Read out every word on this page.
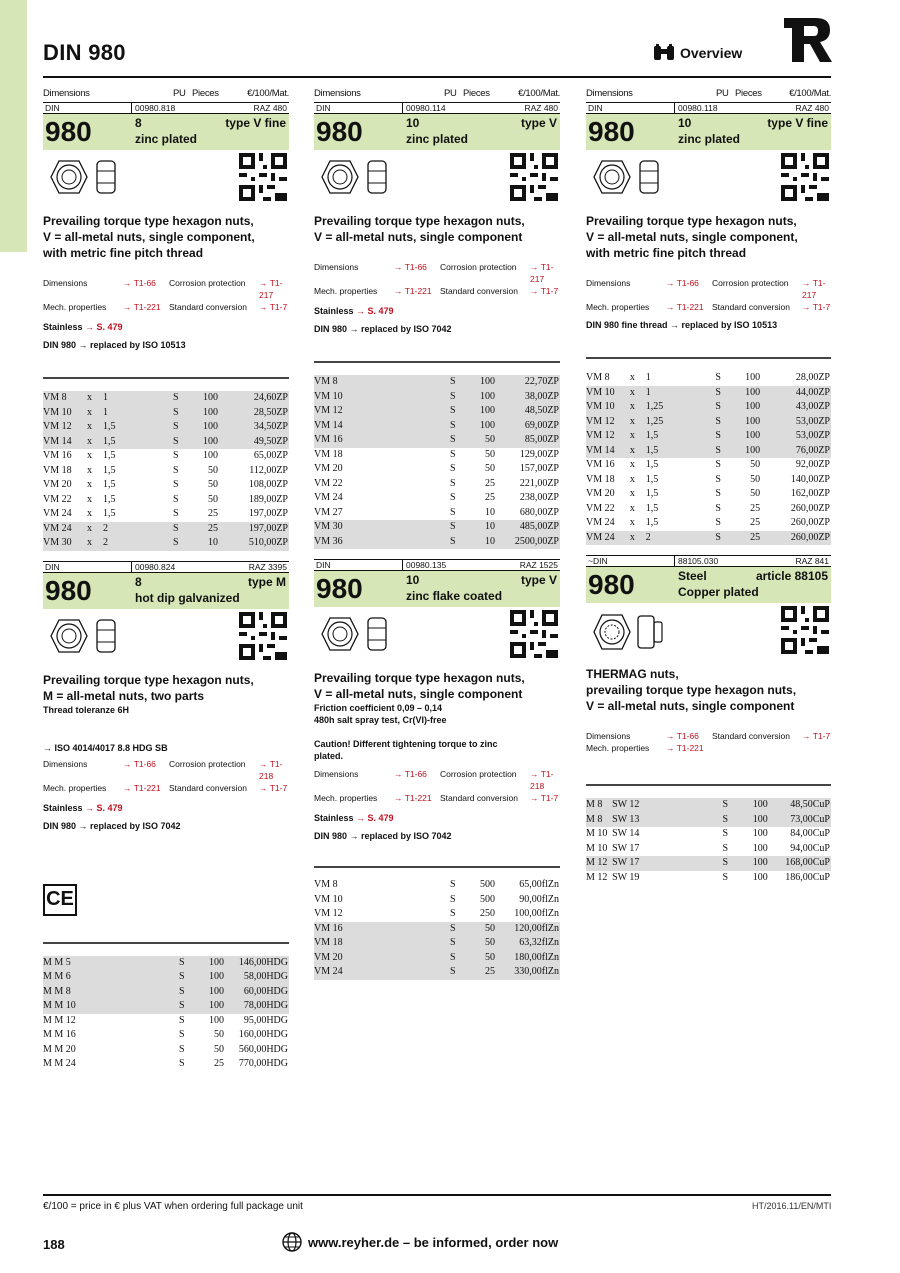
DIN 980	Overview
Dimensions	PU Pieces	€/100/Mat.
DIN	00980.818	RAZ 480
980	8
zinc plated
type V fine
Prevailing torque type hexagon nuts,
V = all-metal nuts, single component,
with metric fine pitch thread
Dimensions	→ T1-66	Corrosion protection	→ T1-217
Mech. properties	→ T1-221 Standard conversion	→ T1-7
Stainless → S. 479
DIN 980 → replaced by ISO 10513
VM 8	x	1	S	100	24,60ZP
VM 10	x	1	S	100	28,50ZP
VM 12	x	1,5	S	100	34,50ZP
VM 14	x	1,5	S	100	49,50ZP
VM 16	x	1,5	S	100	65,00ZP
VM 18	x	1,5	S	50	112,00ZP
VM 20	x	1,5	S	50	108,00ZP
VM 22	x	1,5	S	50	189,00ZP
VM 24	x	1,5	S	25	197,00ZP
VM 24	x	2	S	25	197,00ZP
VM 30	x	2	S	10	510,00ZP
DIN	00980.824	RAZ 3395
980	8
hot dip galvanized
type M
Prevailing torque type hexagon nuts,
M = all-metal nuts, two parts
Thread toleranze 6H
→ ISO 4014/4017 8.8 HDG SB
Dimensions	→ T1-66	Corrosion protection	→ T1-218
Mech. properties	→ T1-221 Standard conversion	→ T1-7
Stainless → S. 479
DIN 980 → replaced by ISO 7042
CE
M M 5			S	100	146,00HDG
M M 6			S	100	58,00HDG
M M 8			S	100	60,00HDG
M M 10			S	100	78,00HDG
M M 12			S	100	95,00HDG
M M 16			S	50	160,00HDG
M M 20			S	50	560,00HDG
M M 24			S	25	770,00HDG
Dimensions	PU Pieces	€/100/Mat.
DIN	00980.114	RAZ 480
980	10
zinc plated
type V
Prevailing torque type hexagon nuts,
V = all-metal nuts, single component
Dimensions	→ T1-66	Corrosion protection	→ T1-217
Mech. properties	→ T1-221 Standard conversion	→ T1-7
Stainless → S. 479
DIN 980 → replaced by ISO 7042
VM 8			S	100	22,70ZP
VM 10			S	100	38,00ZP
VM 12			S	100	48,50ZP
VM 14			S	100	69,00ZP
VM 16			S	50	85,00ZP
VM 18			S	50	129,00ZP
VM 20			S	50	157,00ZP
VM 22			S	25	221,00ZP
VM 24			S	25	238,00ZP
VM 27			S	10	680,00ZP
VM 30			S	10	485,00ZP
VM 36			S	10	2500,00ZP
DIN	00980.135	RAZ 1525
980	10
zinc flake coated
type V
Prevailing torque type hexagon nuts,
V = all-metal nuts, single component
Friction coefficient 0,09 – 0,14
480h salt spray test, Cr(VI)-free
Caution! Different tightening torque to zinc
plated.
Dimensions	→ T1-66	Corrosion protection	→ T1-218
Mech. properties	→ T1-221 Standard conversion	→ T1-7
Stainless → S. 479
DIN 980 → replaced by ISO 7042
VM 8			S	500	65,00flZn
VM 10			S	500	90,00flZn
VM 12			S	250	100,00flZn
VM 16			S	50	120,00flZn
VM 18			S	50	63,32flZn
VM 20			S	50	180,00flZn
VM 24			S	25	330,00flZn
Dimensions	PU Pieces	€/100/Mat.
DIN	00980.118	RAZ 480
980	10
zinc plated
type V fine
Prevailing torque type hexagon nuts,
V = all-metal nuts, single component,
with metric fine pitch thread
Dimensions	→ T1-66	Corrosion protection	→ T1-217
Mech. properties	→ T1-221 Standard conversion	→ T1-7
DIN 980 fine thread → replaced by ISO 10513
VM 8	x	1	S	100	28,00ZP
VM 10	x	1	S	100	44,00ZP
VM 10	x	1,25	S	100	43,00ZP
VM 12	x	1,25	S	100	53,00ZP
VM 12	x	1,5	S	100	53,00ZP
VM 14	x	1,5	S	100	76,00ZP
VM 16	x	1,5	S	50	92,00ZP
VM 18	x	1,5	S	50	140,00ZP
VM 20	x	1,5	S	50	162,00ZP
VM 22	x	1,5	S	25	260,00ZP
VM 24	x	1,5	S	25	260,00ZP
VM 24	x	2	S	25	260,00ZP
~DIN	88105.030	RAZ 841
980	Steel
Copper plated
article 88105
THERMAG nuts,
prevailing torque type hexagon nuts,
V = all-metal nuts, single component
Dimensions	→ T1-66	Standard conversion	→ T1-7
Mech. properties	→ T1-221
M 8	SW 12		S	100	48,50CuP
M 8	SW 13		S	100	73,00CuP
M 10	SW 14		S	100	84,00CuP
M 10	SW 17		S	100	94,00CuP
M 12	SW 17		S	100	168,00CuP
M 12	SW 19		S	100	186,00CuP
€/100 = price in € plus VAT when ordering full package unit	HT/2016.11/EN/MTI
188	www.reyher.de – be informed, order now
